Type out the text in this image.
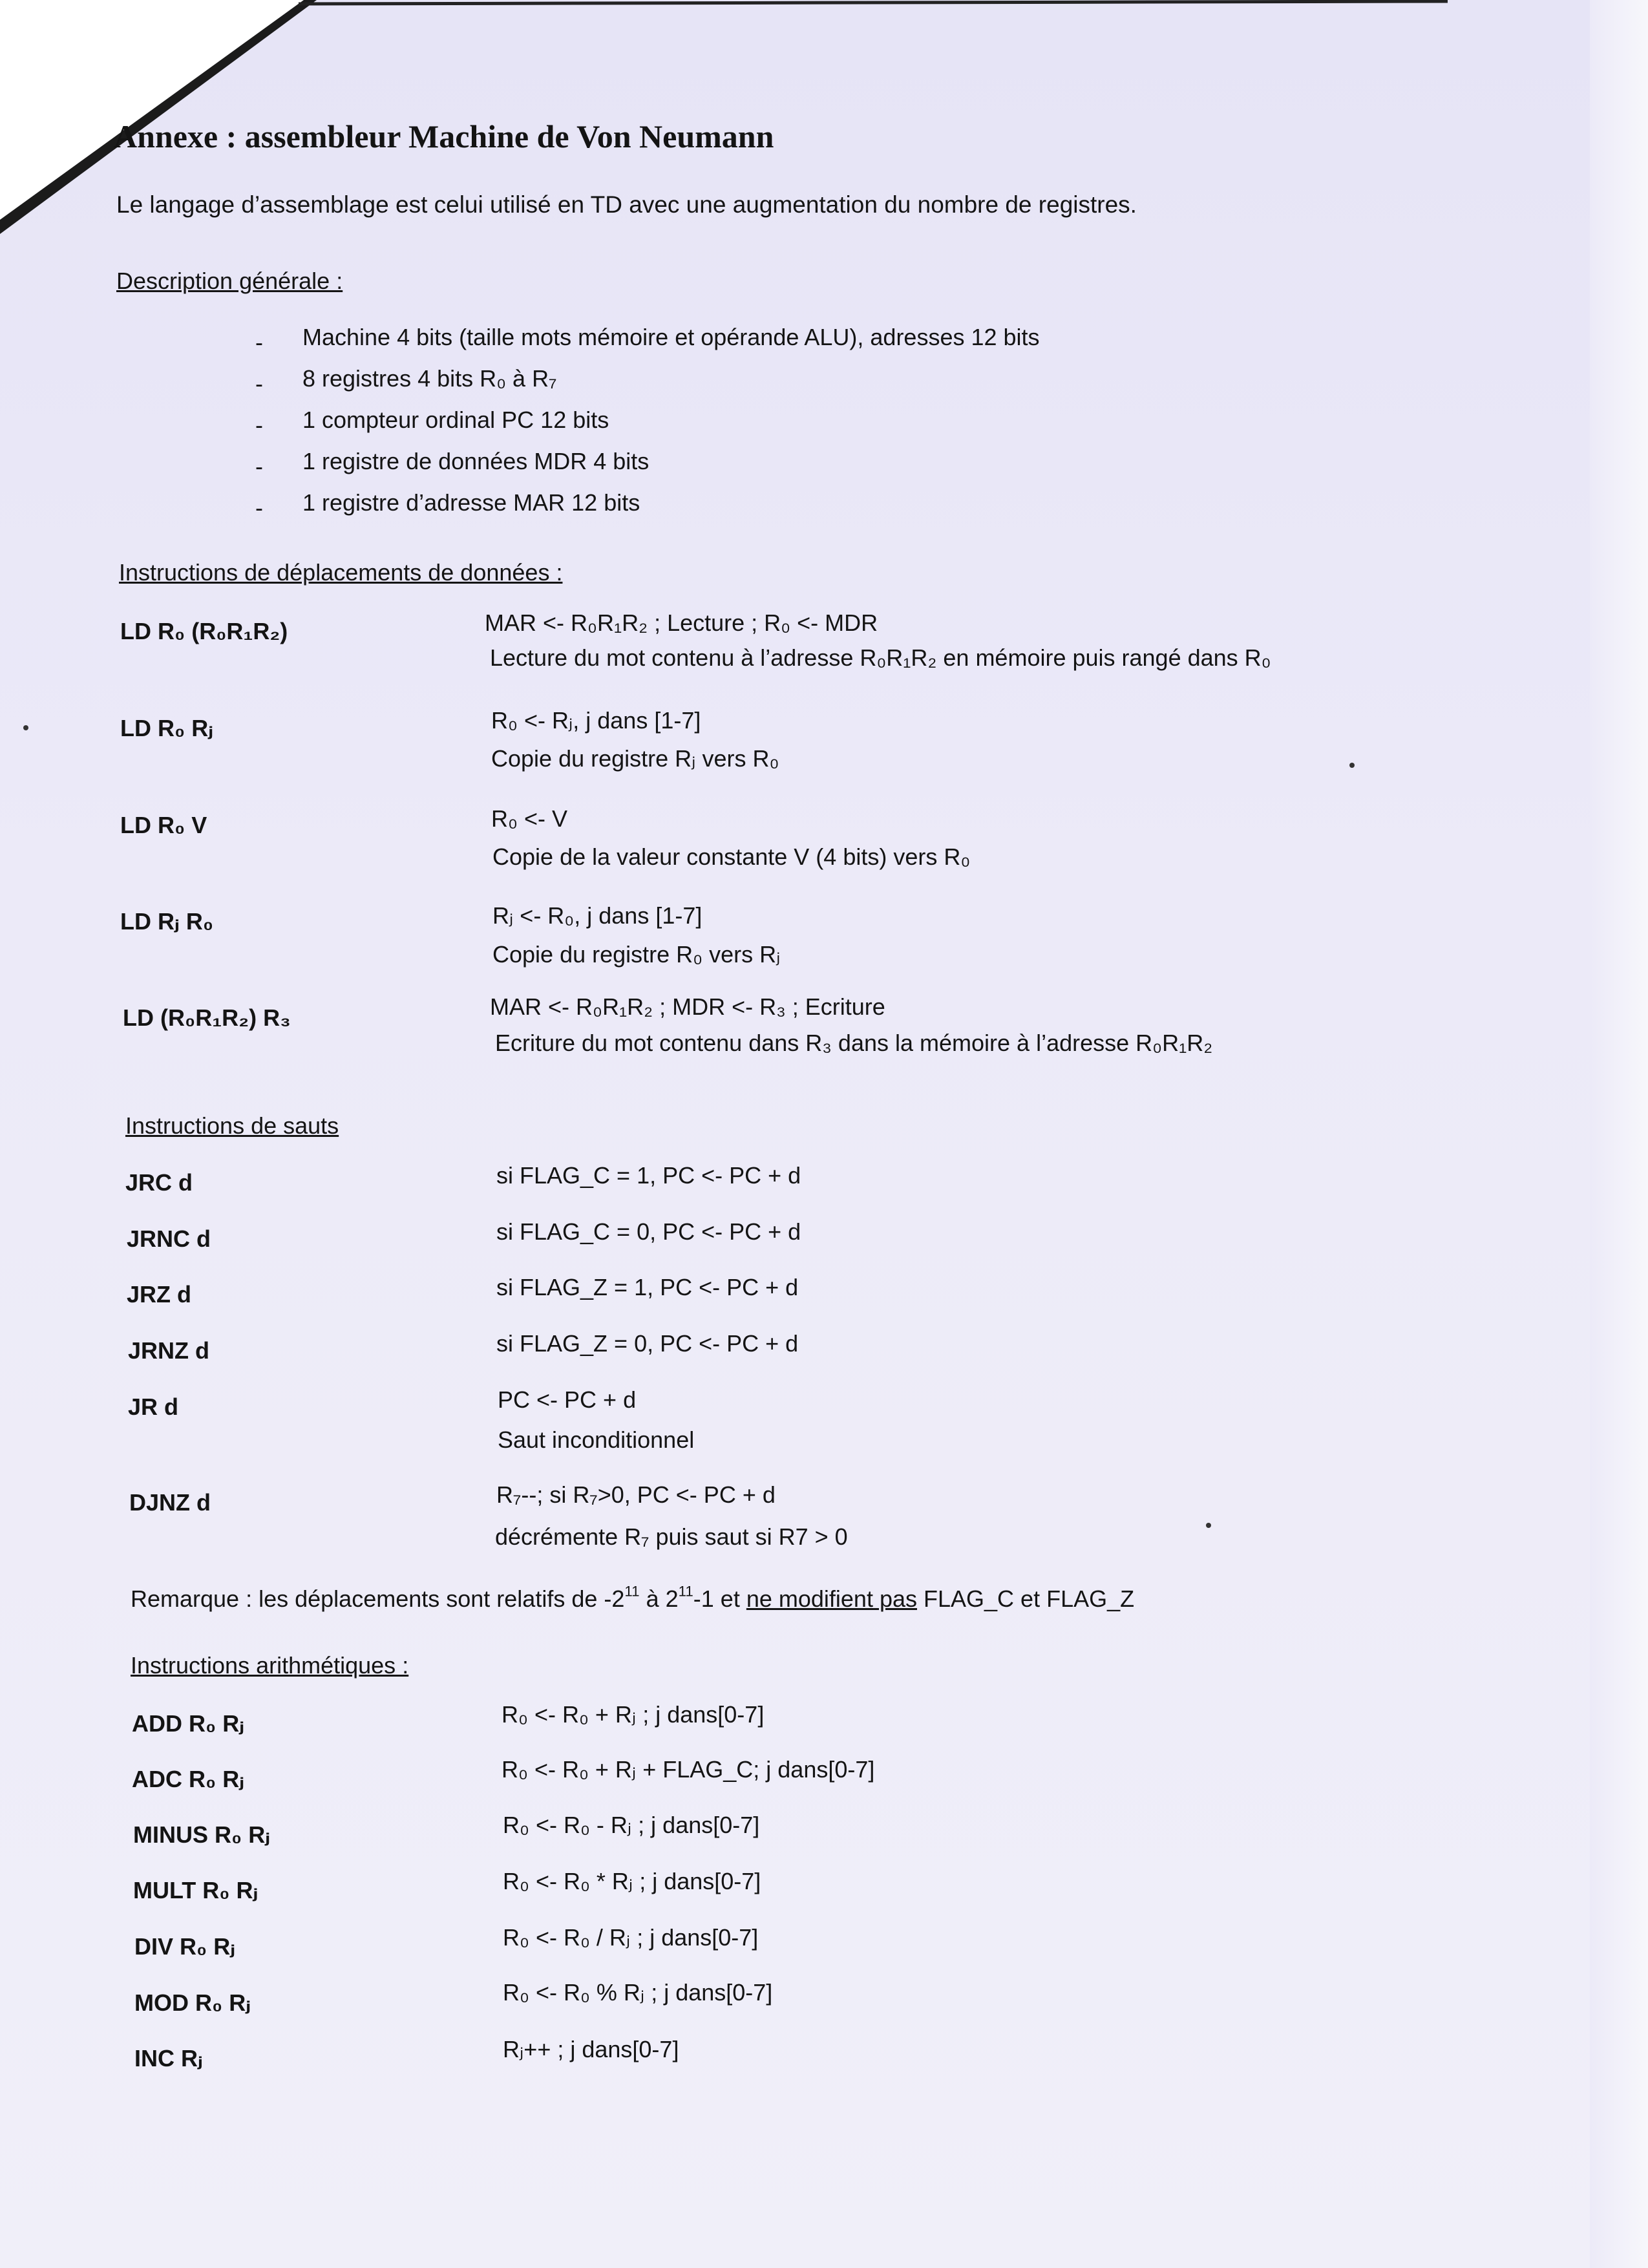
Annexe : assembleur Machine de Von Neumann
Le langage d’assemblage est celui utilisé en TD avec une augmentation du nombre de registres.
Description générale :
- Machine 4 bits (taille mots mémoire et opérande ALU), adresses 12 bits
- 8 registres 4 bits R₀ à R₇
- 1 compteur ordinal PC 12 bits
- 1 registre de données MDR 4 bits
- 1 registre d’adresse MAR 12 bits
Instructions de déplacements de données :
LD R₀ (R₀R₁R₂)	MAR <- R₀R₁R₂ ; Lecture ; R₀ <- MDR
Lecture du mot contenu à l’adresse R₀R₁R₂ en mémoire puis rangé dans R₀
LD R₀ Rⱼ	R₀ <- Rⱼ, j dans [1-7]
Copie du registre Rⱼ vers R₀
LD R₀ V	R₀ <- V
Copie de la valeur constante V (4 bits) vers R₀
LD Rⱼ R₀	Rⱼ <- R₀, j dans [1-7]
Copie du registre R₀ vers Rⱼ
LD (R₀R₁R₂) R₃	MAR <- R₀R₁R₂ ; MDR <- R₃ ; Ecriture
Ecriture du mot contenu dans R₃ dans la mémoire à l’adresse R₀R₁R₂
Instructions de sauts
JRC d	si FLAG_C = 1, PC <- PC + d
JRNC d	si FLAG_C = 0, PC <- PC + d
JRZ d	si FLAG_Z = 1, PC <- PC + d
JRNZ d	si FLAG_Z = 0, PC <- PC + d
JR d	PC <- PC + d
Saut inconditionnel
DJNZ d	R₇--; si R₇>0, PC <- PC + d
décrémente R₇ puis saut si R7 > 0
Remarque : les déplacements sont relatifs de $-2^{11}$ à $2^{11}-1$ et ne modifient pas FLAG_C et FLAG_Z
Instructions arithmétiques :
ADD R₀ Rⱼ	R₀ <- R₀ + Rⱼ ; j dans[0-7]
ADC R₀ Rⱼ	R₀ <- R₀ + Rⱼ + FLAG_C; j dans[0-7]
MINUS R₀ Rⱼ	R₀ <- R₀ - Rⱼ ; j dans[0-7]
MULT R₀ Rⱼ	R₀ <- R₀ * Rⱼ ; j dans[0-7]
DIV R₀ Rⱼ	R₀ <- R₀ / Rⱼ ; j dans[0-7]
MOD R₀ Rⱼ	R₀ <- R₀ % Rⱼ ; j dans[0-7]
INC Rⱼ	Rⱼ++ ; j dans[0-7]
